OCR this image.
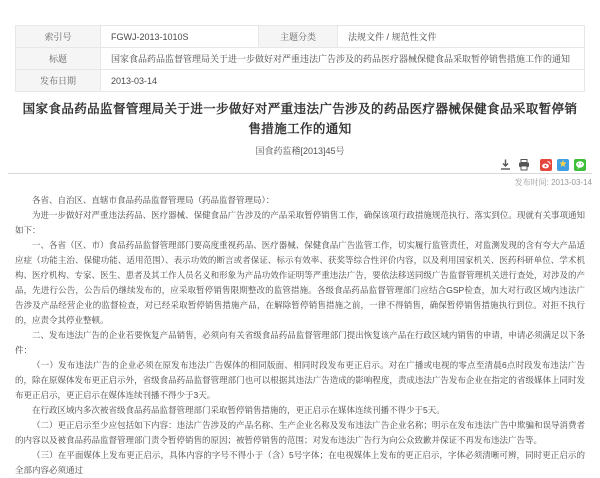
索引号	FGWJ-2013-1010S	主题分类	法规文件 / 规范性文件
标题	国家食品药品监督管理局关于进一步做好对严重违法广告涉及的药品医疗器械保健食品采取暂停销售措施工作的通知		
发布日期	2013-03-14		
国家食品药品监督管理局关于进一步做好对严重违法广告涉及的药品医疗器械保健食品采取暂停销售措施工作的通知
国食药监稽[2013]45号
★
发布时间: 2013-03-14

各省、自治区、直辖市食品药品监督管理局（药品监督管理局）：

为进一步做好对严重违法药品、医疗器械、保健食品广告涉及的产品采取暂停销售工作，确保该项行政措施规范执行、落实到位。现就有关事项通知如下：

一、各省（区、市）食品药品监督管理部门要高度重视药品、医疗器械、保健食品广告监管工作，切实履行监管责任，对监测发现的含有夸大产品适应症（功能主治、保健功能、适用范围）、表示功效的断言或者保证、标示有效率、获奖等综合性评价内容，以及利用国家机关、医药科研单位、学术机构、医疗机构、专家、医生、患者及其工作人员名义和形象为产品功效作证明等严重违法广告，要依法移送同级广告监督管理机关进行查处，对涉及的产品，先进行公告，公告后仍继续发布的，应采取暂停销售限期整改的监管措施。各级食品药品监督管理部门应结合GSP检查，加大对行政区域内违法广告涉及产品经营企业的监督检查，对已经采取暂停销售措施产品，在解除暂停销售措施之前，一律不得销售，确保暂停销售措施执行到位。对拒不执行的，应责令其停业整顿。

二、发布违法广告的企业若要恢复产品销售，必须向有关省级食品药品监督管理部门提出恢复该产品在行政区域内销售的申请，申请必须满足以下条件：

（一）发布违法广告的企业必须在原发布违法广告媒体的相同版面、相同时段发布更正启示。对在广播或电视的零点至清晨6点时段发布违法广告的，除在原媒体发布更正启示外，省级食品药品监督管理部门也可以根据其违法广告造成的影响程度，责成违法广告发布企业在指定的省级媒体上同时发布更正启示，更正启示在媒体连续刊播不得少于3天。

在行政区域内多次被省级食品药品监督管理部门采取暂停销售措施的，更正启示在媒体连续刊播不得少于5天。

（二）更正启示至少应包括如下内容：违法广告涉及的产品名称、生产企业名称及发布违法广告企业名称；明示在发布违法广告中欺骗和误导消费者的内容以及被食品药品监督管理部门责令暂停销售的原因；被暂停销售的范围；对发布违法广告行为向公众致歉并保证不再发布违法广告等。

（三）在平面媒体上发布更正启示，具体内容的字号不得小于（含）5号字体；在电视媒体上发布的更正启示，字体必须清晰可辨，同时更正启示的全部内容必须通过
